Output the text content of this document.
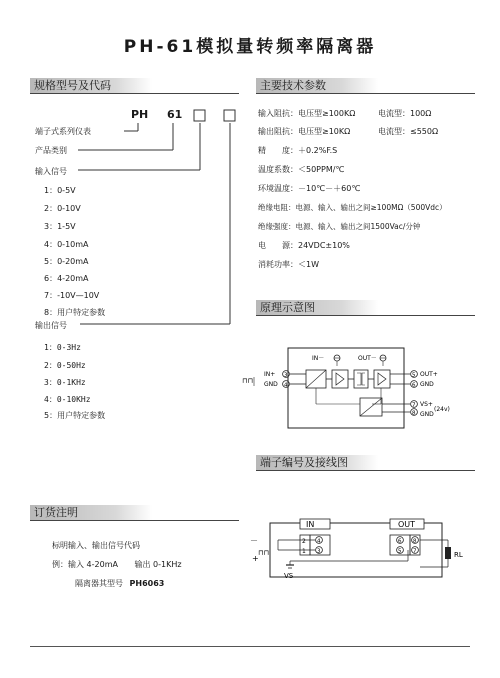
PH-61模拟量转频率隔离器
规格型号及代码	主要技术参数
PH 61
端子式系列仪表
产品类别
输入信号
1：0-5V
2：0-10V
3：1-5V
4：0-10mA
5：0-20mA
6：4-20mA
7：-10V—10V
8：用户特定参数
输出信号
1：0-3Hz
2：0-50Hz
3：0-1KHz
4：0-10KHz
5：用户特定参数
输入阻抗：电压型≥100KΩ	电流型：100Ω
输出阻抗：电压型≥10KΩ	电流型：≤550Ω
精　　度：＋0.2%F.S
温度系数：＜50PPM/℃
环境温度：－10℃－＋60℃
绝缘电阻：电源、输入、输出之间≥100MΩ（500Vdc）
绝缘强度：电源、输入、输出之间1500Vac/分钟
电　　源：24VDC±10%
消耗功率：＜1W
原理示意图
IN－	OUT－
⊓⊓
IN+ 3
GND 4
5 OUT+
6 GND
7 VS+
8 GND
(24v)
端子编号及接线图
订货注明
标明输入、输出信号代码
例：输入 4-20mA 输出 0-1KHz
隔离器其型号 PH6063
IN	OUT
2
1
4
3
6
5
8
7
－
+
⊓⊓
VS
RL
